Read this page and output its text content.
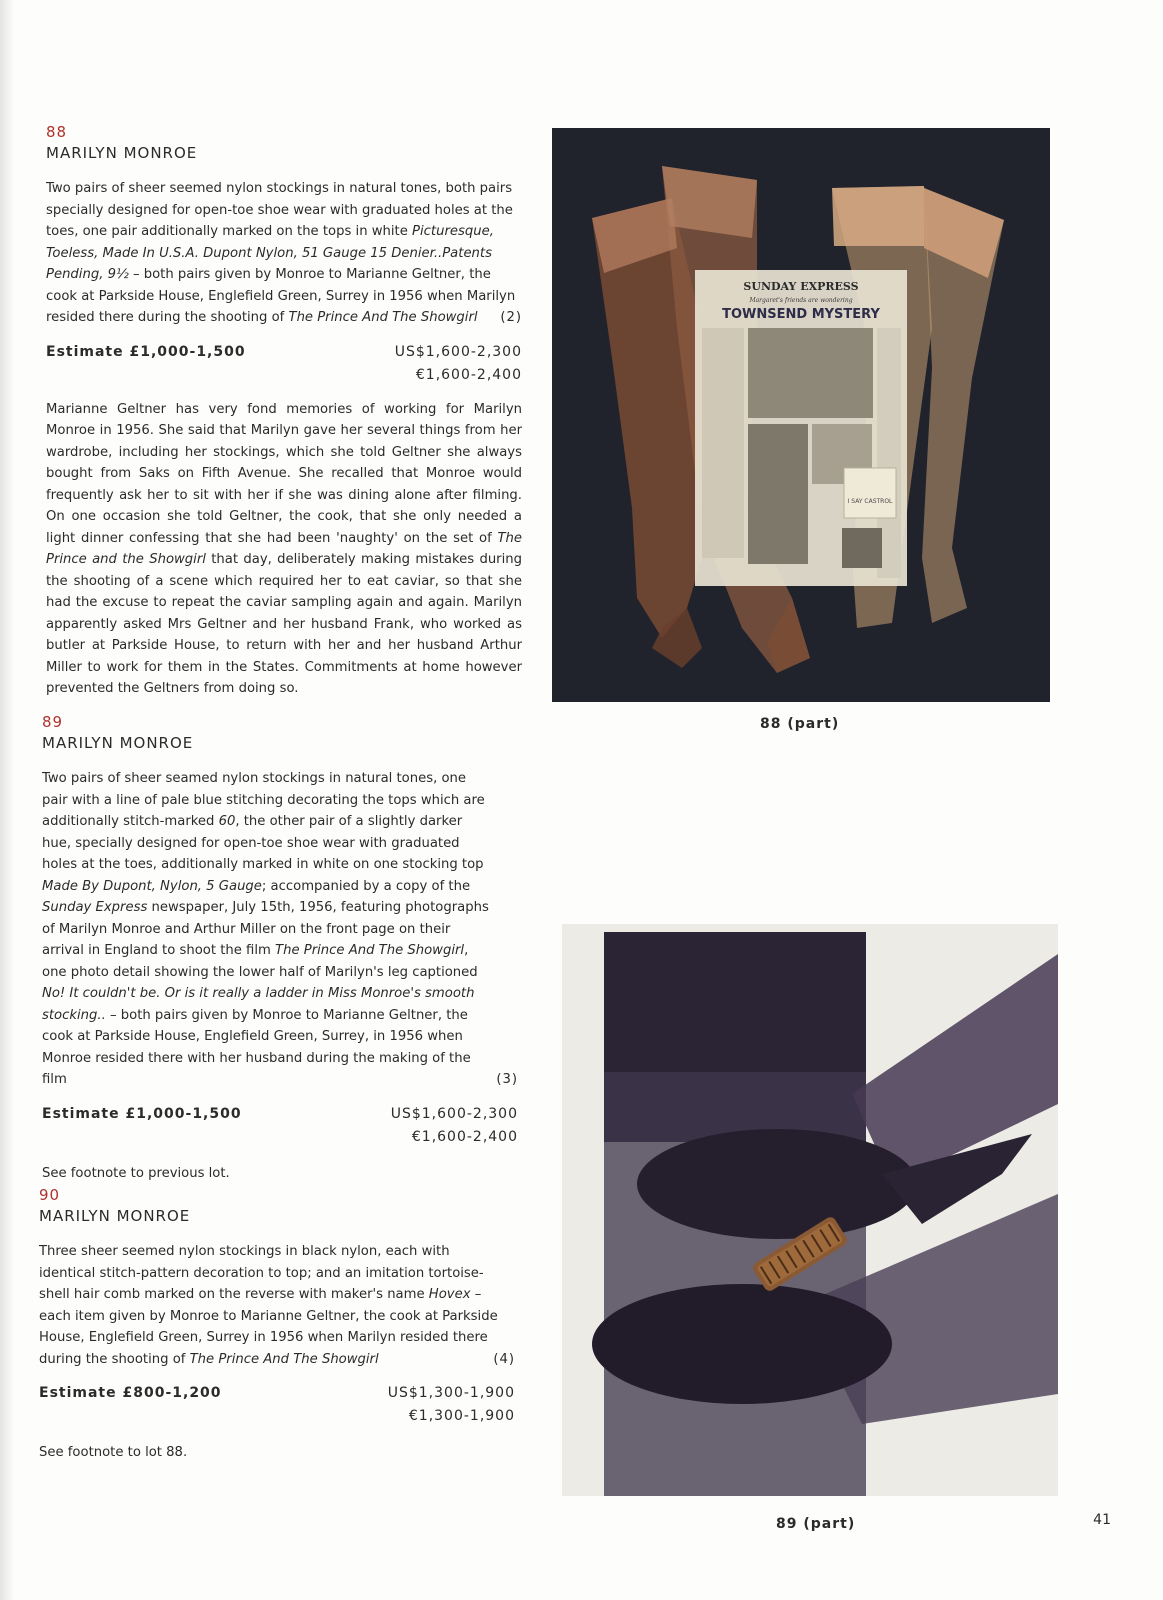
88
MARILYN MONROE

Two pairs of sheer seemed nylon stockings in natural tones, both pairs specially designed for open-toe shoe wear with graduated holes at the toes, one pair additionally marked on the tops in white Picturesque, Toeless, Made In U.S.A. Dupont Nylon, 51 Gauge 15 Denier..Patents Pending, 9½ – both pairs given by Monroe to Marianne Geltner, the cook at Parkside House, Englefield Green, Surrey in 1956 when Marilyn resided there during the shooting of The Prince And The Showgirl	(2)
Estimate £1,000-1,500	US$1,600-2,300
€1,600-2,400

Marianne Geltner has very fond memories of working for Marilyn Monroe in 1956. She said that Marilyn gave her several things from her wardrobe, including her stockings, which she told Geltner she always bought from Saks on Fifth Avenue. She recalled that Monroe would frequently ask her to sit with her if she was dining alone after filming. On one occasion she told Geltner, the cook, that she only needed a light dinner confessing that she had been 'naughty' on the set of The Prince and the Showgirl that day, deliberately making mistakes during the shooting of a scene which required her to eat caviar, so that she had the excuse to repeat the caviar sampling again and again. Marilyn apparently asked Mrs Geltner and her husband Frank, who worked as butler at Parkside House, to return with her and her husband Arthur Miller to work for them in the States. Commitments at home however prevented the Geltners from doing so.

89
MARILYN MONROE

Two pairs of sheer seamed nylon stockings in natural tones, one pair with a line of pale blue stitching decorating the tops which are additionally stitch-marked 60, the other pair of a slightly darker hue, specially designed for open-toe shoe wear with graduated holes at the toes, additionally marked in white on one stocking top Made By Dupont, Nylon, 5 Gauge; accompanied by a copy of the Sunday Express newspaper, July 15th, 1956, featuring photographs of Marilyn Monroe and Arthur Miller on the front page on their arrival in England to shoot the film The Prince And The Showgirl, one photo detail showing the lower half of Marilyn's leg captioned No! It couldn't be. Or is it really a ladder in Miss Monroe's smooth stocking.. – both pairs given by Monroe to Marianne Geltner, the cook at Parkside House, Englefield Green, Surrey, in 1956 when Monroe resided there with her husband during the making of the film	(3)
Estimate £1,000-1,500	US$1,600-2,300
€1,600-2,400
See footnote to previous lot.
90
MARILYN MONROE

Three sheer seemed nylon stockings in black nylon, each with identical stitch-pattern decoration to top; and an imitation tortoise-shell hair comb marked on the reverse with maker's name Hovex – each item given by Monroe to Marianne Geltner, the cook at Parkside House, Englefield Green, Surrey in 1956 when Marilyn resided there during the shooting of The Prince And The Showgirl	(4)
Estimate £800-1,200	US$1,300-1,900
€1,300-1,900
See footnote to lot 88.
SUNDAY EXPRESS
Margaret's friends are wondering
TOWNSEND MYSTERY
I SAY CASTROL
88 (part)
89 (part)	41
